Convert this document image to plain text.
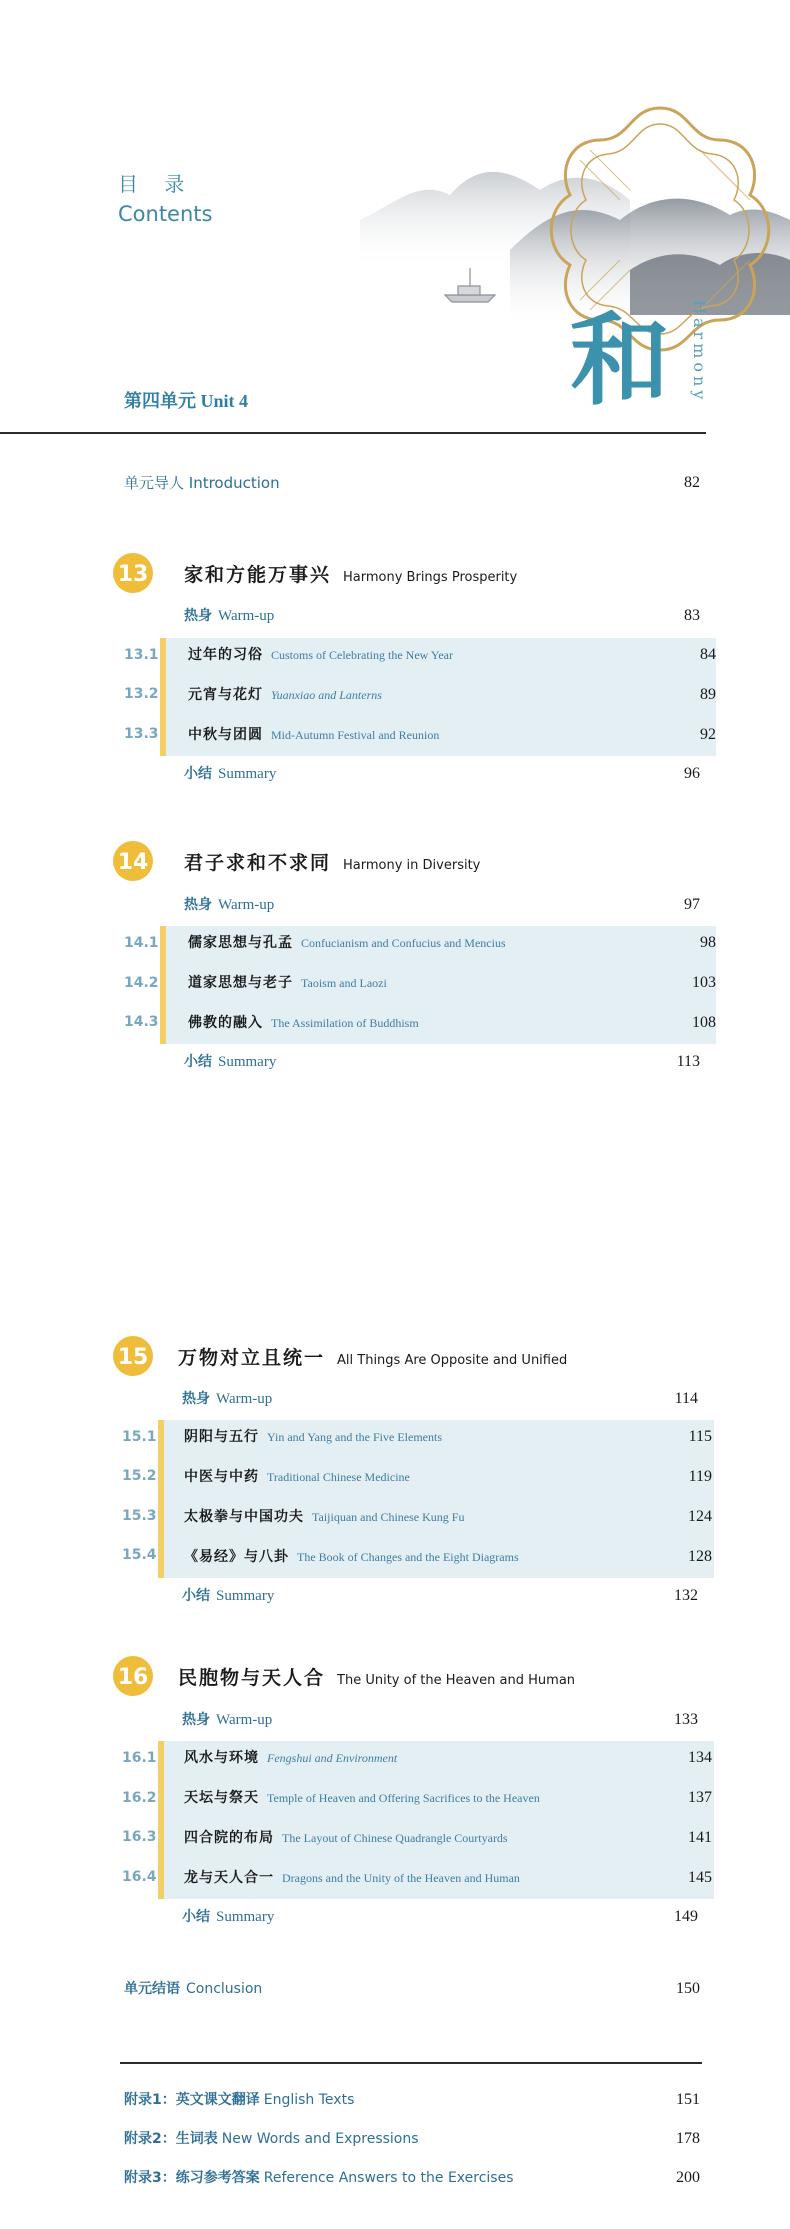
目 录
Contents
和 Harmony
第四单元 Unit 4
单元导人 Introduction	82
13 家和方能万事兴 Harmony Brings Prosperity
热身 Warm-up	83
13.1 过年的习俗 Customs of Celebrating the New Year	84
13.2 元宵与花灯 Yuanxiao and Lanterns	89
13.3 中秋与团圆 Mid-Autumn Festival and Reunion	92
小结 Summary	96
14 君子求和不求同 Harmony in Diversity
热身 Warm-up	97
14.1 儒家思想与孔孟 Confucianism and Confucius and Mencius	98
14.2 道家思想与老子 Taoism and Laozi	103
14.3 佛教的融入 The Assimilation of Buddhism	108
小结 Summary	113
15 万物对立且统一 All Things Are Opposite and Unified
热身 Warm-up	114
15.1 阴阳与五行 Yin and Yang and the Five Elements	115
15.2 中医与中药 Traditional Chinese Medicine	119
15.3 太极拳与中国功夫 Taijiquan and Chinese Kung Fu	124
15.4 《易经》与八卦 The Book of Changes and the Eight Diagrams	128
小结 Summary	132
16 民胞物与天人合 The Unity of the Heaven and Human
热身 Warm-up	133
16.1 风水与环境 Fengshui and Environment	134
16.2 天坛与祭天 Temple of Heaven and Offering Sacrifices to the Heaven	137
16.3 四合院的布局 The Layout of Chinese Quadrangle Courtyards	141
16.4 龙与天人合一 Dragons and the Unity of the Heaven and Human	145
小结 Summary	149
单元结语 Conclusion	150
附录1：英文课文翻译 English Texts	151
附录2：生词表 New Words and Expressions	178
附录3：练习参考答案 Reference Answers to the Exercises	200
